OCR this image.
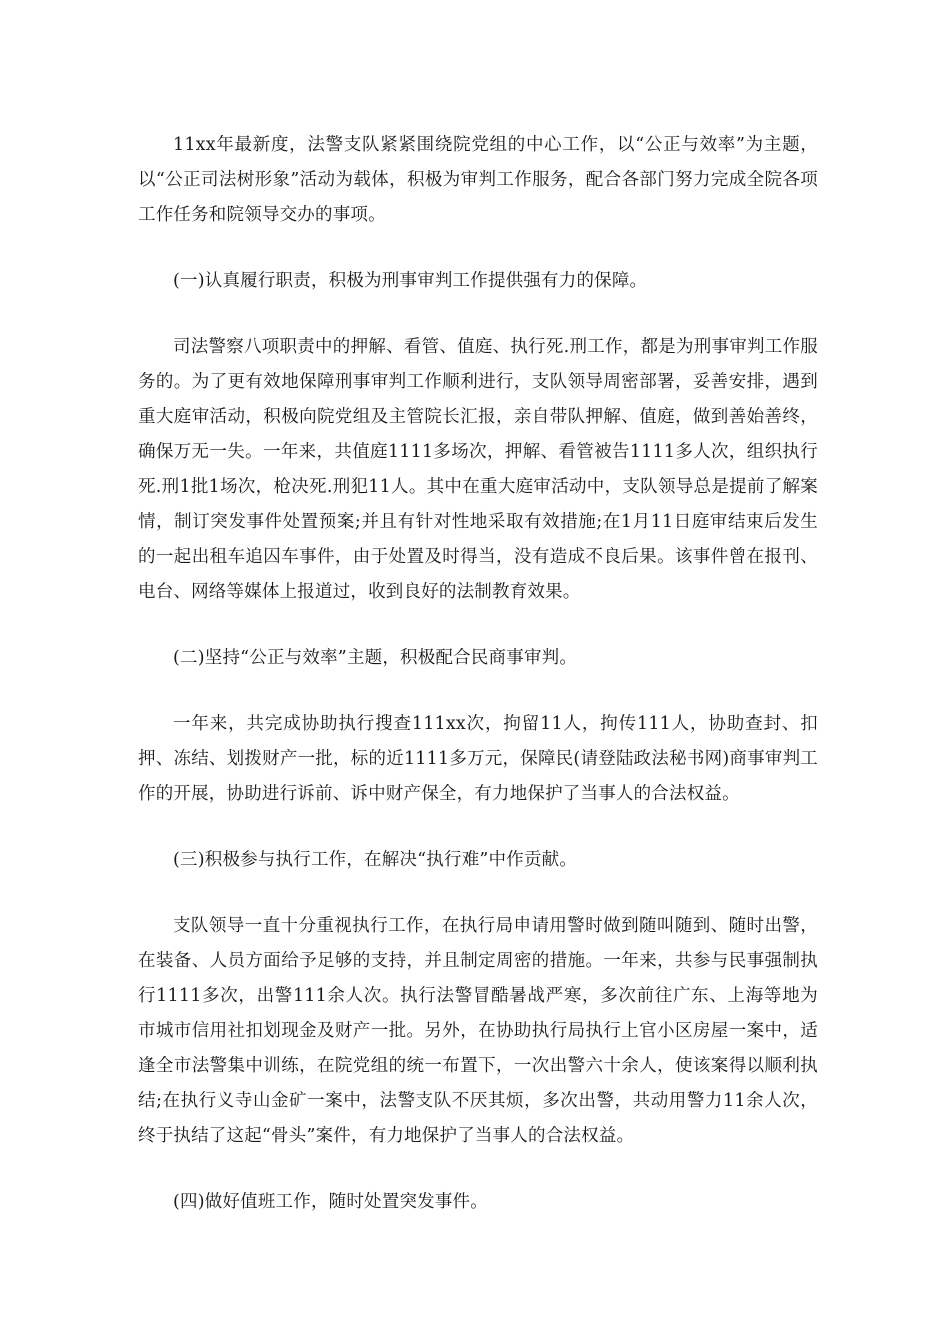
11xx年最新度，法警支队紧紧围绕院党组的中心工作，以“公正与效率”为主题，以“公正司法树形象”活动为载体，积极为审判工作服务，配合各部门努力完成全院各项工作任务和院领导交办的事项。

(一)认真履行职责，积极为刑事审判工作提供强有力的保障。

司法警察八项职责中的押解、看管、值庭、执行死.刑工作，都是为刑事审判工作服务的。为了更有效地保障刑事审判工作顺利进行，支队领导周密部署，妥善安排，遇到重大庭审活动，积极向院党组及主管院长汇报，亲自带队押解、值庭，做到善始善终，确保万无一失。一年来，共值庭1111多场次，押解、看管被告1111多人次，组织执行死.刑1批1场次，枪决死.刑犯11人。其中在重大庭审活动中，支队领导总是提前了解案情，制订突发事件处置预案;并且有针对性地采取有效措施;在1月11日庭审结束后发生的一起出租车追囚车事件，由于处置及时得当，没有造成不良后果。该事件曾在报刊、电台、网络等媒体上报道过，收到良好的法制教育效果。

(二)坚持“公正与效率”主题，积极配合民商事审判。

一年来，共完成协助执行搜查111xx次，拘留11人，拘传111人，协助查封、扣押、冻结、划拨财产一批，标的近1111多万元，保障民(请登陆政法秘书网)商事审判工作的开展，协助进行诉前、诉中财产保全，有力地保护了当事人的合法权益。

(三)积极参与执行工作，在解决“执行难”中作贡献。

支队领导一直十分重视执行工作，在执行局申请用警时做到随叫随到、随时出警，在装备、人员方面给予足够的支持，并且制定周密的措施。一年来，共参与民事强制执行1111多次，出警111余人次。执行法警冒酷暑战严寒，多次前往广东、上海等地为市城市信用社扣划现金及财产一批。另外，在协助执行局执行上官小区房屋一案中，适逢全市法警集中训练，在院党组的统一布置下，一次出警六十余人，使该案得以顺利执结;在执行义寺山金矿一案中，法警支队不厌其烦，多次出警，共动用警力11余人次，终于执结了这起“骨头”案件，有力地保护了当事人的合法权益。

(四)做好值班工作，随时处置突发事件。
